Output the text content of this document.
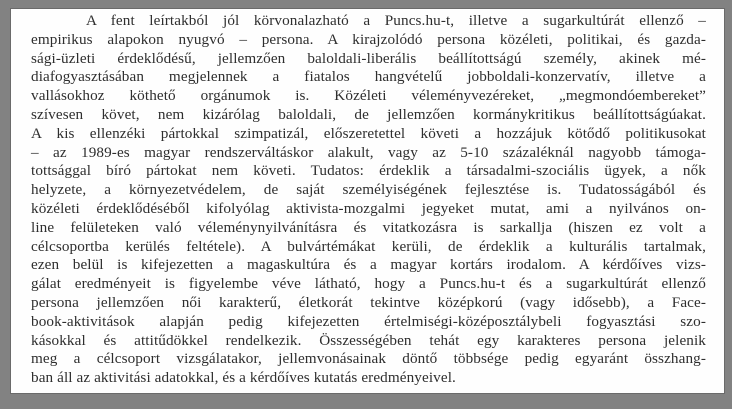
A fent leírtakból jól körvonalazható a Puncs.hu-t, illetve a sugarkultúrát ellenző –
empirikus alapokon nyugvó – persona. A kirajzolódó persona közéleti, politikai, és gazda-
sági-üzleti érdeklődésű, jellemzően baloldali-liberális beállítottságú személy, akinek mé-
diafogyasztásában megjelennek a fiatalos hangvételű jobboldali-konzervatív, illetve a
vallásokhoz köthető orgánumok is. Közéleti véleményvezéreket, „megmondóembereket”
szívesen követ, nem kizárólag baloldali, de jellemzően kormánykritikus beállítottságúakat.
A kis ellenzéki pártokkal szimpatizál, előszeretettel követi a hozzájuk kötődő politikusokat
– az 1989-es magyar rendszerváltáskor alakult, vagy az 5-10 százaléknál nagyobb támoga-
tottsággal bíró pártokat nem követi. Tudatos: érdeklik a társadalmi-szociális ügyek, a nők
helyzete, a környezetvédelem, de saját személyiségének fejlesztése is. Tudatosságából és
közéleti érdeklődéséből kifolyólag aktivista-mozgalmi jegyeket mutat, ami a nyilvános on-
line felületeken való véleménynyilvánításra és vitatkozásra is sarkallja (hiszen ez volt a
célcsoportba kerülés feltétele). A bulvártémákat kerüli, de érdeklik a kulturális tartalmak,
ezen belül is kifejezetten a magaskultúra és a magyar kortárs irodalom. A kérdőíves vizs-
gálat eredményeit is figyelembe véve látható, hogy a Puncs.hu-t és a sugarkultúrát ellenző
persona jellemzően női karakterű, életkorát tekintve középkorú (vagy idősebb), a Face-
book-aktivitások alapján pedig kifejezetten értelmiségi-középosztálybeli fogyasztási szo-
kásokkal és attitűdökkel rendelkezik. Összességében tehát egy karakteres persona jelenik
meg a célcsoport vizsgálatakor, jellemvonásainak döntő többsége pedig egyaránt összhang-
ban áll az aktivitási adatokkal, és a kérdőíves kutatás eredményeivel.
